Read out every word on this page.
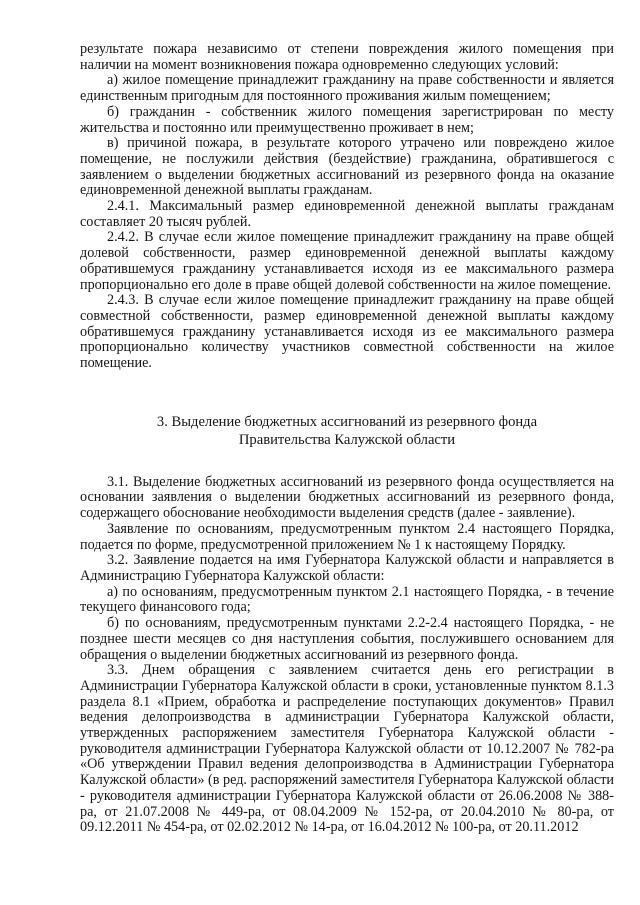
результате пожара независимо от степени повреждения жилого помещения при наличии на момент возникновения пожара одновременно следующих условий:

а) жилое помещение принадлежит гражданину на праве собственности и является единственным пригодным для постоянного проживания жилым помещением;

б) гражданин - собственник жилого помещения зарегистрирован по месту жительства и постоянно или преимущественно проживает в нем;

в) причиной пожара, в результате которого утрачено или повреждено жилое помещение, не послужили действия (бездействие) гражданина, обратившегося с заявлением о выделении бюджетных ассигнований из резервного фонда на оказание единовременной денежной выплаты гражданам.

2.4.1. Максимальный размер единовременной денежной выплаты гражданам составляет 20 тысяч рублей.

2.4.2. В случае если жилое помещение принадлежит гражданину на праве общей долевой собственности, размер единовременной денежной выплаты каждому обратившемуся гражданину устанавливается исходя из ее максимального размера пропорционально его доле в праве общей долевой собственности на жилое помещение.

2.4.3. В случае если жилое помещение принадлежит гражданину на праве общей совместной собственности, размер единовременной денежной выплаты каждому обратившемуся гражданину устанавливается исходя из ее максимального размера пропорционально количеству участников совместной собственности на жилое помещение.

3. Выделение бюджетных ассигнований из резервного фонда

Правительства Калужской области

3.1. Выделение бюджетных ассигнований из резервного фонда осуществляется на основании заявления о выделении бюджетных ассигнований из резервного фонда, содержащего обоснование необходимости выделения средств (далее - заявление).

Заявление по основаниям, предусмотренным пунктом 2.4 настоящего Порядка, подается по форме, предусмотренной приложением № 1 к настоящему Порядку.

3.2. Заявление подается на имя Губернатора Калужской области и направляется в Администрацию Губернатора Калужской области:

а) по основаниям, предусмотренным пунктом 2.1 настоящего Порядка, - в течение текущего финансового года;

б) по основаниям, предусмотренным пунктами 2.2-2.4 настоящего Порядка, - не позднее шести месяцев со дня наступления события, послужившего основанием для обращения о выделении бюджетных ассигнований из резервного фонда.

3.3. Днем обращения с заявлением считается день его регистрации в Администрации Губернатора Калужской области в сроки, установленные пунктом 8.1.3 раздела 8.1 «Прием, обработка и распределение поступающих документов» Правил ведения делопроизводства в администрации Губернатора Калужской области, утвержденных распоряжением заместителя Губернатора Калужской области - руководителя администрации Губернатора Калужской области от 10.12.2007 № 782-ра «Об утверждении Правил ведения делопроизводства в Администрации Губернатора Калужской области» (в ред. распоряжений заместителя Губернатора Калужской области - руководителя администрации Губернатора Калужской области от 26.06.2008 № 388-ра, от 21.07.2008 № 449-ра, от 08.04.2009 № 152-ра, от 20.04.2010 № 80-ра, от 09.12.2011 № 454-ра, от 02.02.2012 № 14-ра, от 16.04.2012 № 100-ра, от 20.11.2012
